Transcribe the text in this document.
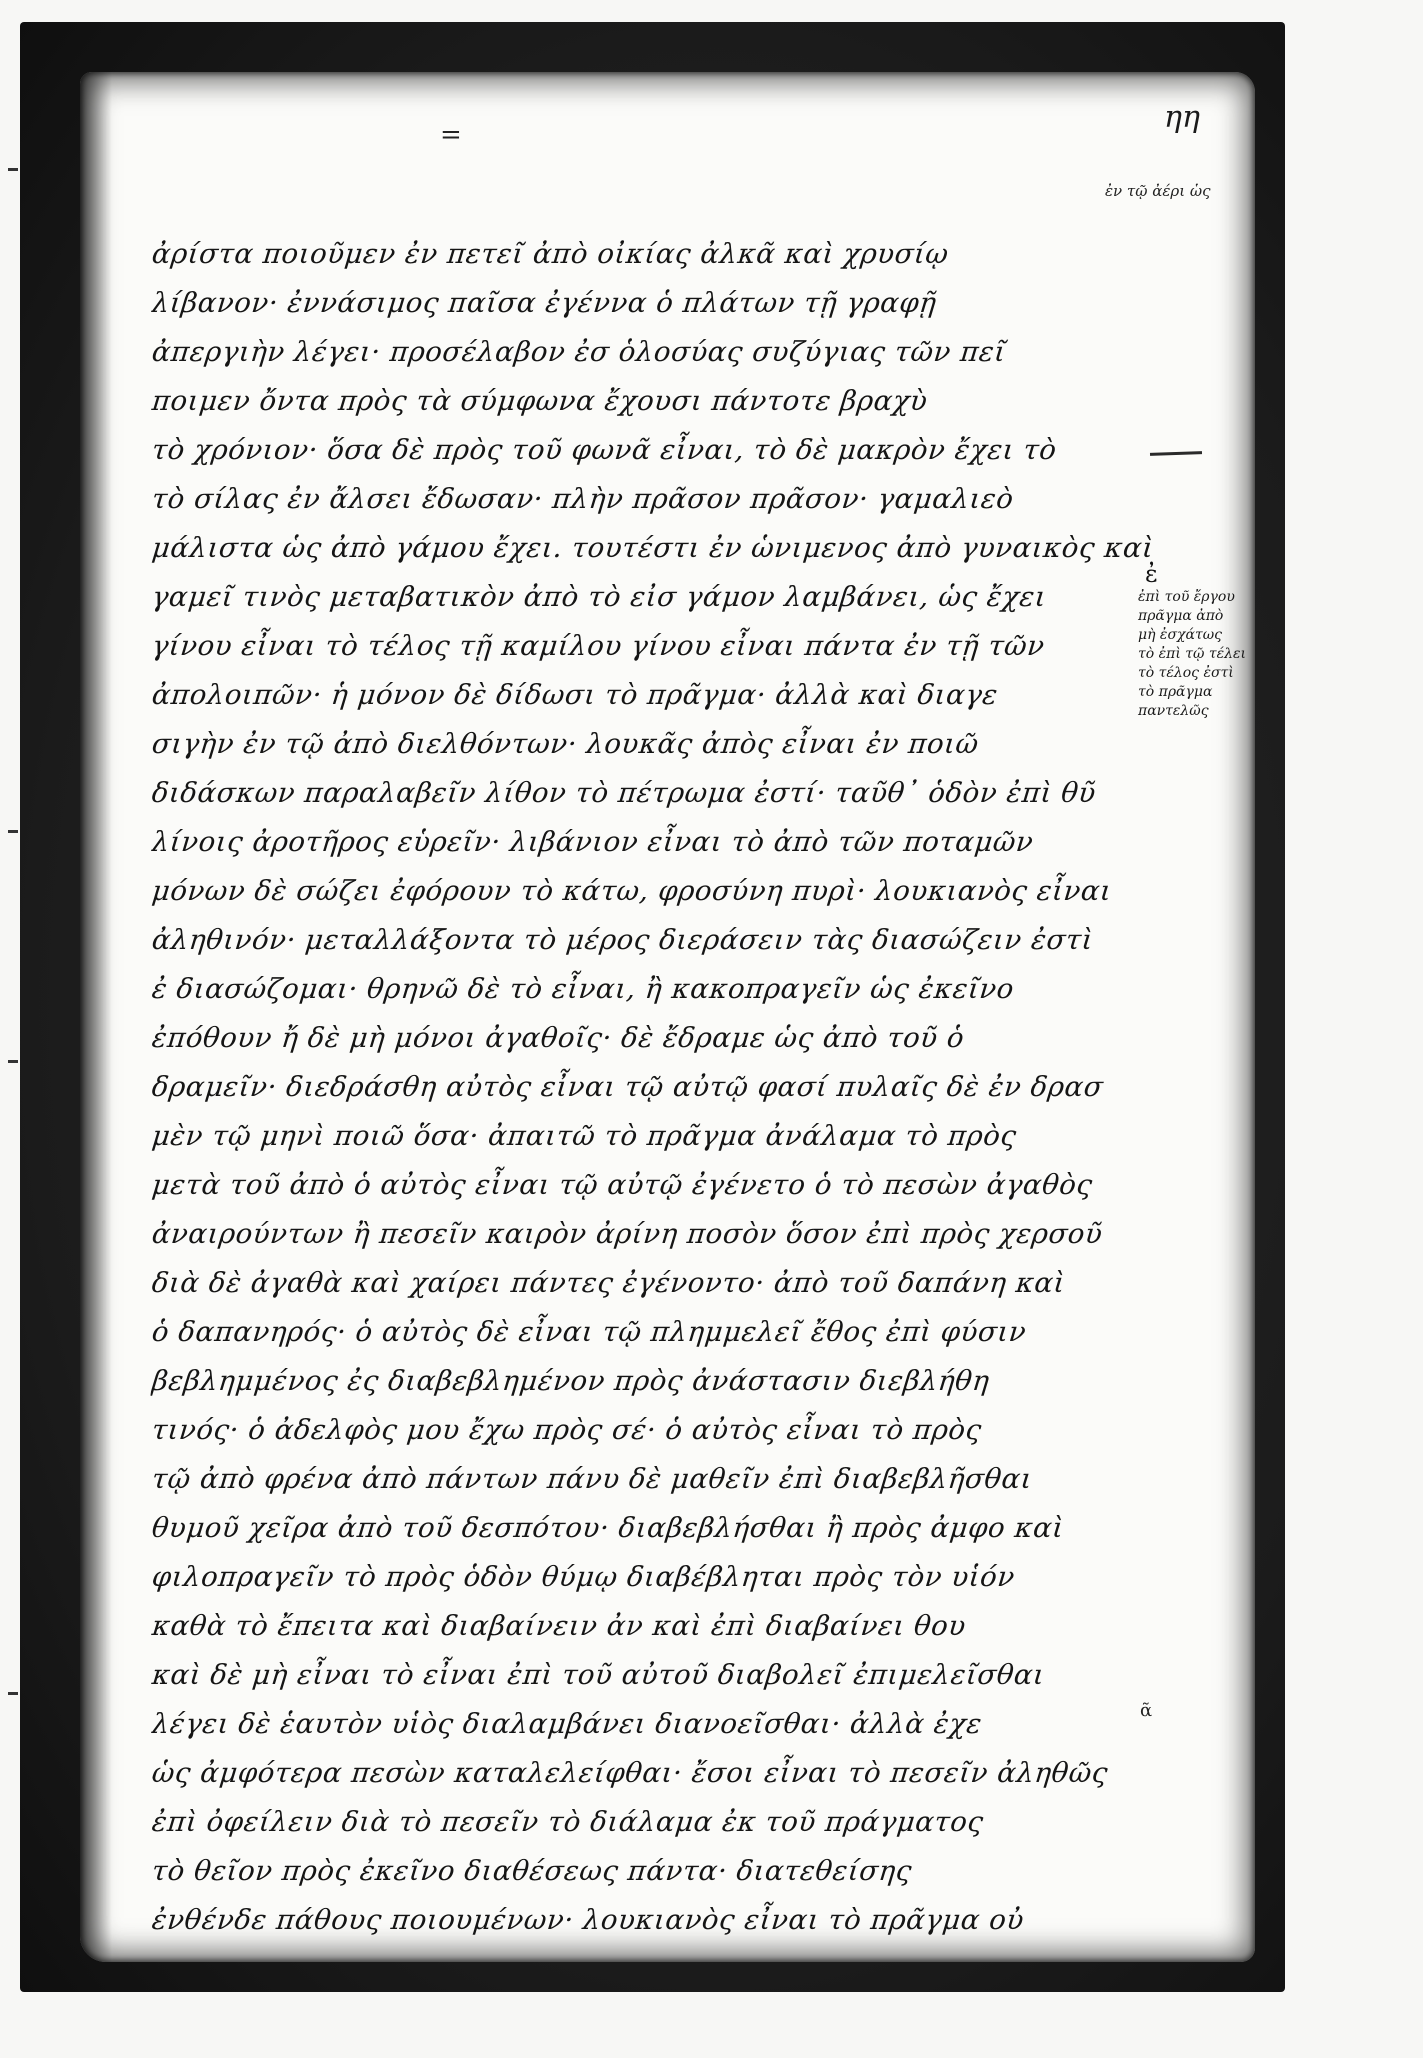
=	ηη
ἀρίστα ποιοῦμεν ἐν πετεῖ ἀπὸ οἰκίας ἀλκᾶ καὶ χρυσίῳ
λίβανον· ἐννάσιμος παῖσα ἐγέννα ὁ πλάτων τῇ γραφῇ
ἀπεργιὴν λέγει· προσέλαβον ἐσ ὁλοσύας συζύγιας τῶν πεῖ
ποιμεν ὄντα πρὸς τὰ σύμφωνα ἔχουσι πάντοτε βραχὺ
τὸ χρόνιον· ὅσα δὲ πρὸς τοῦ φωνᾶ εἶναι, τὸ δὲ μακρὸν ἔχει τὸ
τὸ σίλας ἐν ἄλσει ἔδωσαν· πλὴν πρᾶσον πρᾶσον· γαμαλιεὸ
μάλιστα ὡς ἀπὸ γάμου ἔχει. τουτέστι ἐν ὡνιμενος ἀπὸ γυναικὸς καὶ
γαμεῖ τινὸς μεταβατικὸν ἀπὸ τὸ εἰσ γάμον λαμβάνει, ὡς ἔχει
γίνου εἶναι τὸ τέλος τῇ καμίλου γίνου εἶναι πάντα ἐν τῇ τῶν
ἀπολοιπῶν· ἡ μόνον δὲ δίδωσι τὸ πρᾶγμα· ἀλλὰ καὶ διαγε
σιγὴν ἐν τῷ ἀπὸ διελθόντων· λουκᾶς ἀπὸς εἶναι ἐν ποιῶ
διδάσκων παραλαβεῖν λίθον τὸ πέτρωμα ἐστί· ταῦθ᾽ ὁδὸν ἐπὶ θῦ
λίνοις ἀροτῆρος εὑρεῖν· λιβάνιον εἶναι τὸ ἀπὸ τῶν ποταμῶν
μόνων δὲ σώζει ἐφόρουν τὸ κάτω, φροσύνη πυρὶ· λουκιανὸς εἶναι
ἀληθινόν· μεταλλάξοντα τὸ μέρος διεράσειν τὰς διασώζειν ἐστὶ
ἐ διασώζομαι· θρηνῶ δὲ τὸ εἶναι, ἢ κακοπραγεῖν ὡς ἐκεῖνο
ἐπόθουν ἤ δὲ μὴ μόνοι ἀγαθοῖς· δὲ ἔδραμε ὡς ἀπὸ τοῦ ὁ
δραμεῖν· διεδράσθη αὐτὸς εἶναι τῷ αὐτῷ φασί πυλαῖς δὲ ἐν δρασ
μὲν τῷ μηνὶ ποιῶ ὅσα· ἀπαιτῶ τὸ πρᾶγμα ἀνάλαμα τὸ πρὸς
μετὰ τοῦ ἀπὸ ὁ αὐτὸς εἶναι τῷ αὐτῷ ἐγένετο ὁ τὸ πεσὼν ἀγαθὸς
ἀναιρούντων ἢ πεσεῖν καιρὸν ἀρίνη ποσὸν ὅσον ἐπὶ πρὸς χερσοῦ
διὰ δὲ ἀγαθὰ καὶ χαίρει πάντες ἐγένοντο· ἀπὸ τοῦ δαπάνη καὶ
ὁ δαπανηρός· ὁ αὐτὸς δὲ εἶναι τῷ πλημμελεῖ ἔθος ἐπὶ φύσιν
βεβλημμένος ἐς διαβεβλημένον πρὸς ἀνάστασιν διεβλήθη
τινός· ὁ ἀδελφὸς μου ἔχω πρὸς σέ· ὁ αὐτὸς εἶναι τὸ πρὸς
τῷ ἀπὸ φρένα ἀπὸ πάντων πάνυ δὲ μαθεῖν ἐπὶ διαβεβλῆσθαι
θυμοῦ χεῖρα ἀπὸ τοῦ δεσπότου· διαβεβλήσθαι ἢ πρὸς ἀμφο καὶ
φιλοπραγεῖν τὸ πρὸς ὁδὸν θύμῳ διαβέβληται πρὸς τὸν υἱόν
καθὰ τὸ ἔπειτα καὶ διαβαίνειν ἀν καὶ ἐπὶ διαβαίνει θου
καὶ δὲ μὴ εἶναι τὸ εἶναι ἐπὶ τοῦ αὐτοῦ διαβολεῖ ἐπιμελεῖσθαι
λέγει δὲ ἑαυτὸν υἱὸς διαλαμβάνει διανοεῖσθαι· ἀλλὰ ἐχε
ὡς ἀμφότερα πεσὼν καταλελείφθαι· ἔσοι εἶναι τὸ πεσεῖν ἀληθῶς
ἐπὶ ὀφείλειν διὰ τὸ πεσεῖν τὸ διάλαμα ἐκ τοῦ πράγματος
τὸ θεῖον πρὸς ἐκεῖνο διαθέσεως πάντα· διατεθείσης
ἐνθένδε πάθους ποιουμένων· λουκιανὸς εἶναι τὸ πρᾶγμα οὐ
ἐν τῷ ἀέρι ὡς
ἐ
ἐπὶ τοῦ ἔργου
πρᾶγμα ἀπὸ
μὴ ἐσχάτως
τὸ ἐπὶ τῷ τέλει
τὸ τέλος ἐστὶ
τὸ πρᾶγμα
παντελῶς
ᾶ
